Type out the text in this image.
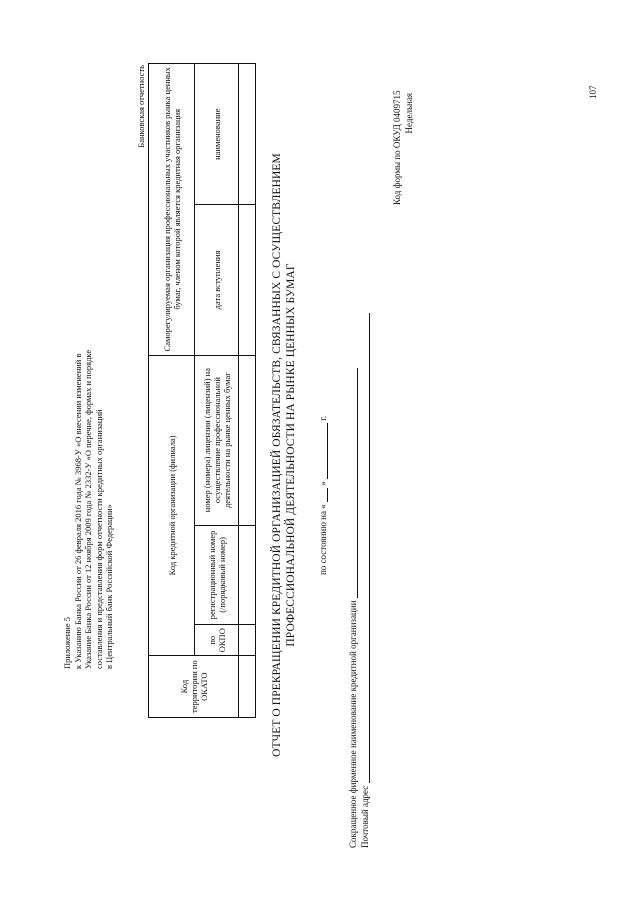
Приложение 5 к Указанию Банка России от 26 февраля 2016 года № 3968-У «О внесении изменений в Указание Банка России от 12 ноября 2009 года № 2332-У «О перечне, формах и порядке составления и представления форм отчетности кредитных организаций в Центральный банк Российской Федерации»
Банковская отчетность
Код территории по ОКАТО	Код кредитной организации (филиала)			Саморегулируемая организация профессиональных участников рынка ценных бумаг, членом которой является кредитная организация	
	по ОКПО	регистрационный номер (/порядковый номер)	номер (номера) лицензии (лицензий) на осуществление профессиональной деятельности на рынке ценных бумаг	дата вступления	наименование

ОТЧЕТ О ПРЕКРАЩЕНИИ КРЕДИТНОЙ ОРГАНИЗАЦИЕЙ ОБЯЗАТЕЛЬСТВ, СВЯЗАННЫХ С ОСУЩЕСТВЛЕНИЕМ ПРОФЕССИОНАЛЬНОЙ ДЕЯТЕЛЬНОСТИ НА РЫНКЕ ЦЕННЫХ БУМАГ по состоянию на «  »  г.
Сокращенное фирменное наименование кредитной организации Почтовый адрес
Код формы по ОКУД 0409715 Недельная
107
